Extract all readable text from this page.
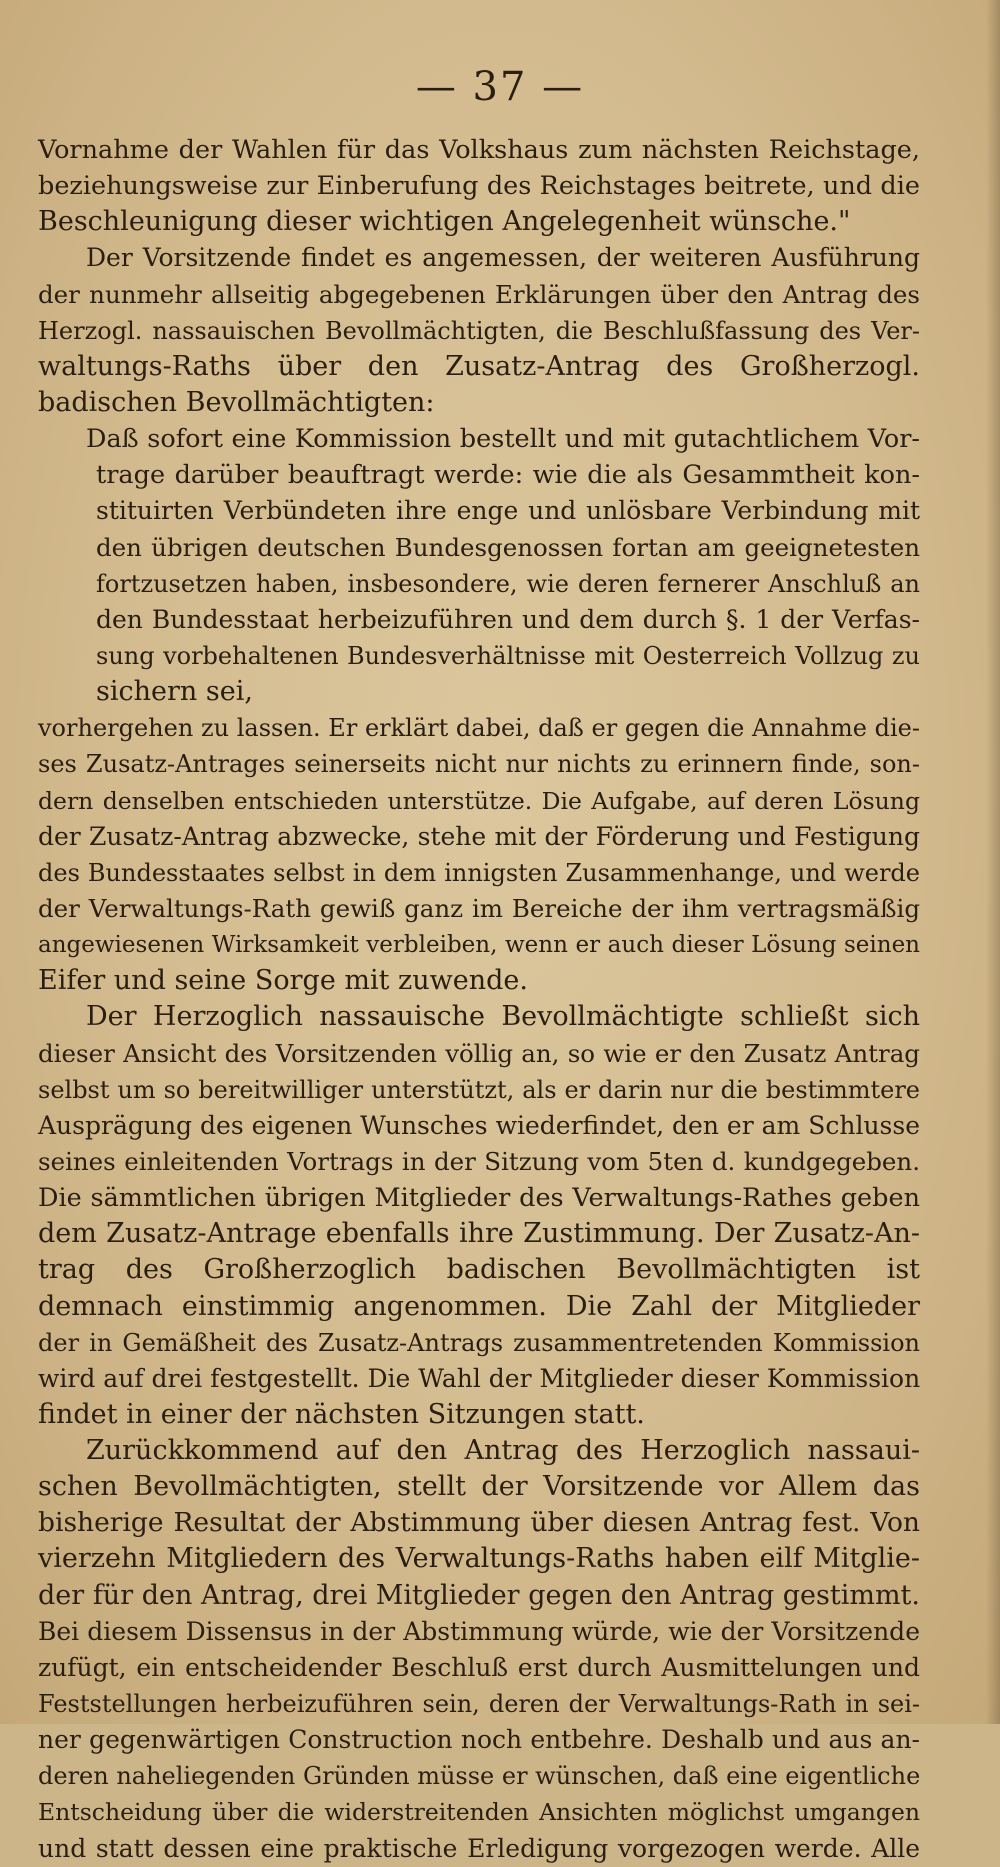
— 37 —
Vornahme der Wahlen für das Volkshaus zum nächsten Reichstage,
beziehungsweise zur Einberufung des Reichstages beitrete, und die
Beschleunigung dieser wichtigen Angelegenheit wünsche."
Der Vorsitzende findet es angemessen, der weiteren Ausführung
der nunmehr allseitig abgegebenen Erklärungen über den Antrag des
Herzogl. nassauischen Bevollmächtigten, die Beschlußfassung des Ver-
waltungs-Raths über den Zusatz-Antrag des Großherzogl.
badischen Bevollmächtigten:
Daß sofort eine Kommission bestellt und mit gutachtlichem Vor-
trage darüber beauftragt werde: wie die als Gesammtheit kon-
stituirten Verbündeten ihre enge und unlösbare Verbindung mit
den übrigen deutschen Bundesgenossen fortan am geeignetesten
fortzusetzen haben, insbesondere, wie deren fernerer Anschluß an
den Bundesstaat herbeizuführen und dem durch §. 1 der Verfas-
sung vorbehaltenen Bundesverhältnisse mit Oesterreich Vollzug zu
sichern sei,
vorhergehen zu lassen. Er erklärt dabei, daß er gegen die Annahme die-
ses Zusatz-Antrages seinerseits nicht nur nichts zu erinnern finde, son-
dern denselben entschieden unterstütze. Die Aufgabe, auf deren Lösung
der Zusatz-Antrag abzwecke, stehe mit der Förderung und Festigung
des Bundesstaates selbst in dem innigsten Zusammenhange, und werde
der Verwaltungs-Rath gewiß ganz im Bereiche der ihm vertragsmäßig
angewiesenen Wirksamkeit verbleiben, wenn er auch dieser Lösung seinen
Eifer und seine Sorge mit zuwende.
Der Herzoglich nassauische Bevollmächtigte schließt sich
dieser Ansicht des Vorsitzenden völlig an, so wie er den Zusatz Antrag
selbst um so bereitwilliger unterstützt, als er darin nur die bestimmtere
Ausprägung des eigenen Wunsches wiederfindet, den er am Schlusse
seines einleitenden Vortrags in der Sitzung vom 5ten d. kundgegeben.
Die sämmtlichen übrigen Mitglieder des Verwaltungs-Rathes geben
dem Zusatz-Antrage ebenfalls ihre Zustimmung. Der Zusatz-An-
trag des Großherzoglich badischen Bevollmächtigten ist
demnach einstimmig angenommen. Die Zahl der Mitglieder
der in Gemäßheit des Zusatz-Antrags zusammentretenden Kommission
wird auf drei festgestellt. Die Wahl der Mitglieder dieser Kommission
findet in einer der nächsten Sitzungen statt.
Zurückkommend auf den Antrag des Herzoglich nassaui-
schen Bevollmächtigten, stellt der Vorsitzende vor Allem das
bisherige Resultat der Abstimmung über diesen Antrag fest. Von
vierzehn Mitgliedern des Verwaltungs-Raths haben eilf Mitglie-
der für den Antrag, drei Mitglieder gegen den Antrag gestimmt.
Bei diesem Dissensus in der Abstimmung würde, wie der Vorsitzende
zufügt, ein entscheidender Beschluß erst durch Ausmittelungen und
Feststellungen herbeizuführen sein, deren der Verwaltungs-Rath in sei-
ner gegenwärtigen Construction noch entbehre. Deshalb und aus an-
deren naheliegenden Gründen müsse er wünschen, daß eine eigentliche
Entscheidung über die widerstreitenden Ansichten möglichst umgangen
und statt dessen eine praktische Erledigung vorgezogen werde. Alle
